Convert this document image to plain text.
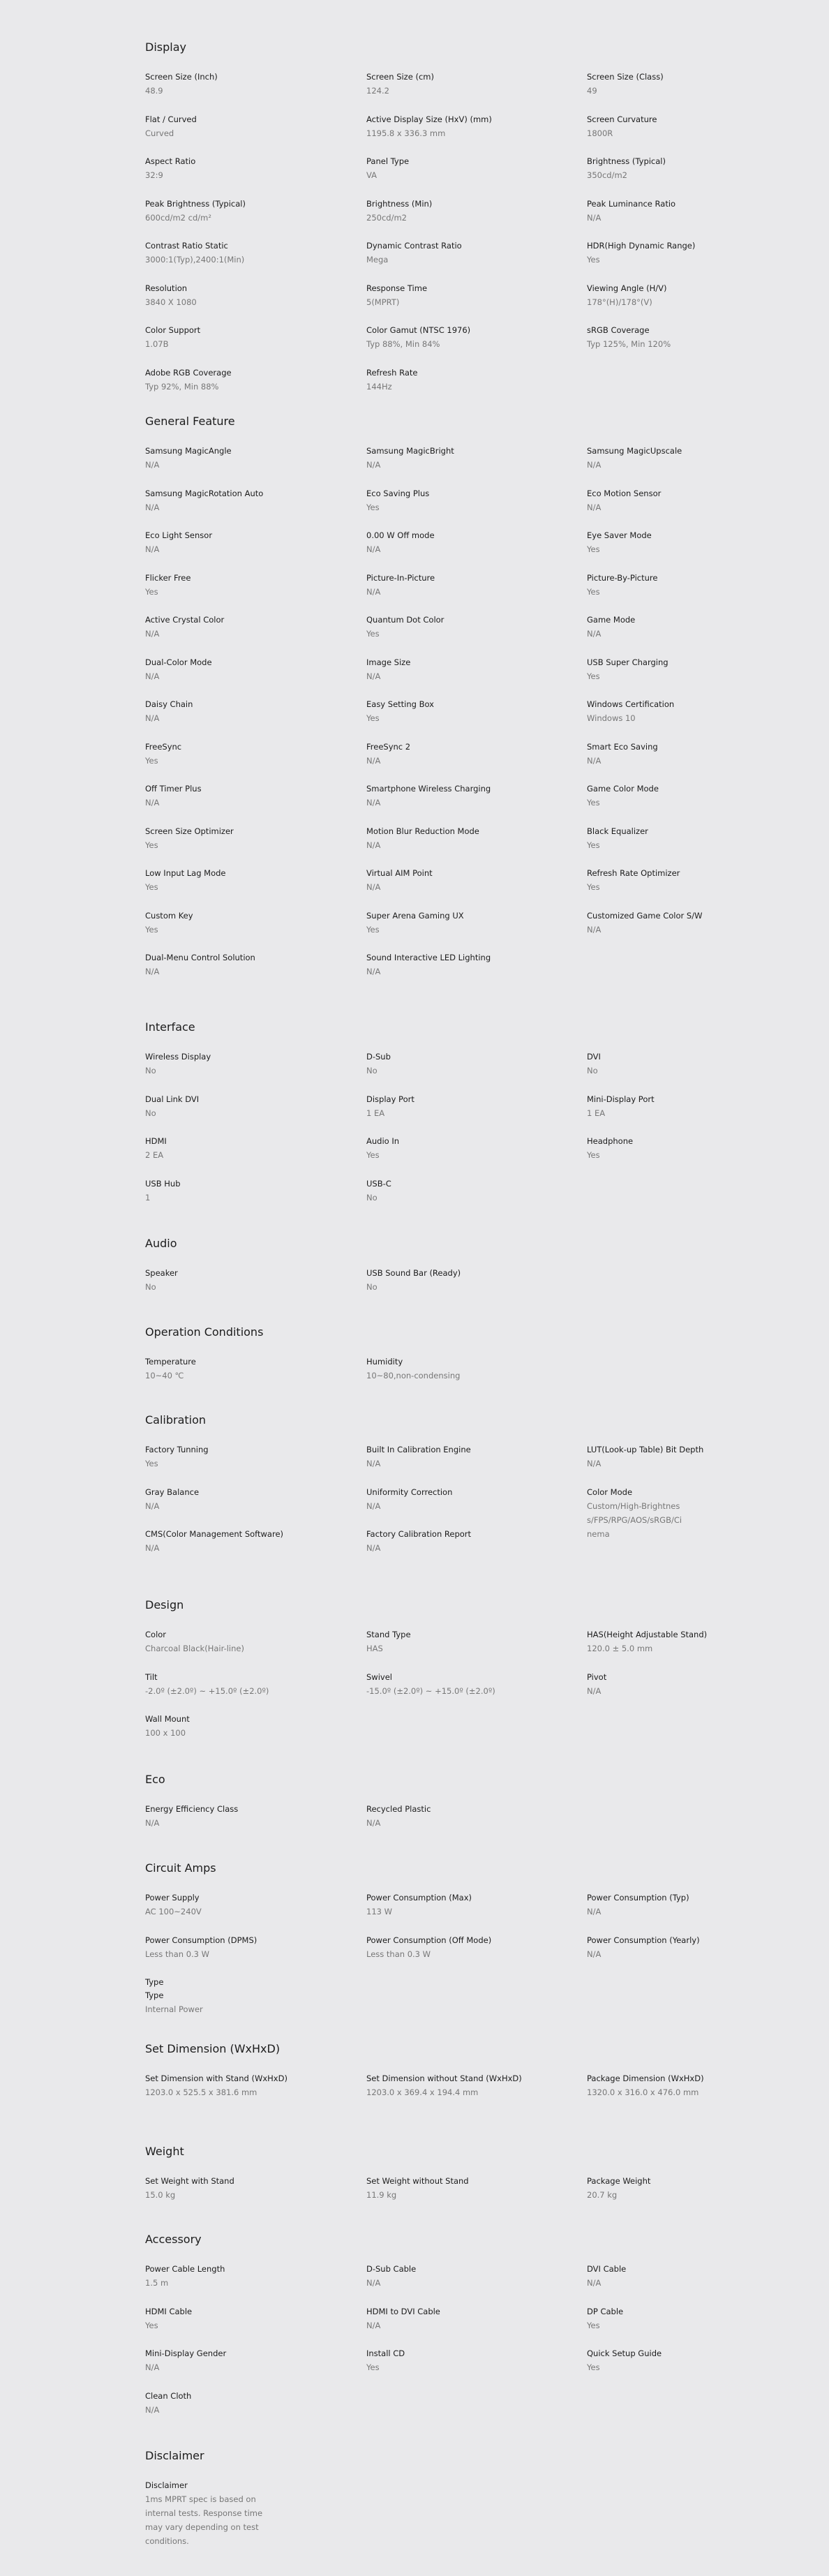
Display
Screen Size (Inch)
48.9
Screen Size (cm)
124.2
Screen Size (Class)
49
Flat / Curved
Curved
Active Display Size (HxV) (mm)
1195.8 x 336.3 mm
Screen Curvature
1800R
Aspect Ratio
32:9
Panel Type
VA
Brightness (Typical)
350cd/m2
Peak Brightness (Typical)
600cd/m2 cd/m²
Brightness (Min)
250cd/m2
Peak Luminance Ratio
N/A
Contrast Ratio Static
3000:1(Typ),2400:1(Min)
Dynamic Contrast Ratio
Mega
HDR(High Dynamic Range)
Yes
Resolution
3840 X 1080
Response Time
5(MPRT)
Viewing Angle (H/V)
178°(H)/178°(V)
Color Support
1.07B
Color Gamut (NTSC 1976)
Typ 88%, Min 84%
sRGB Coverage
Typ 125%, Min 120%
Adobe RGB Coverage
Typ 92%, Min 88%
Refresh Rate
144Hz
General Feature
Samsung MagicAngle
N/A
Samsung MagicBright
N/A
Samsung MagicUpscale
N/A
Samsung MagicRotation Auto
N/A
Eco Saving Plus
Yes
Eco Motion Sensor
N/A
Eco Light Sensor
N/A
0.00 W Off mode
N/A
Eye Saver Mode
Yes
Flicker Free
Yes
Picture-In-Picture
N/A
Picture-By-Picture
Yes
Active Crystal Color
N/A
Quantum Dot Color
Yes
Game Mode
N/A
Dual-Color Mode
N/A
Image Size
N/A
USB Super Charging
Yes
Daisy Chain
N/A
Easy Setting Box
Yes
Windows Certification
Windows 10
FreeSync
Yes
FreeSync 2
N/A
Smart Eco Saving
N/A
Off Timer Plus
N/A
Smartphone Wireless Charging
N/A
Game Color Mode
Yes
Screen Size Optimizer
Yes
Motion Blur Reduction Mode
N/A
Black Equalizer
Yes
Low Input Lag Mode
Yes
Virtual AIM Point
N/A
Refresh Rate Optimizer
Yes
Custom Key
Yes
Super Arena Gaming UX
Yes
Customized Game Color S/W
N/A
Dual-Menu Control Solution
N/A
Sound Interactive LED Lighting
N/A
Interface
Wireless Display
No
D-Sub
No
DVI
No
Dual Link DVI
No
Display Port
1 EA
Mini-Display Port
1 EA
HDMI
2 EA
Audio In
Yes
Headphone
Yes
USB Hub
1
USB-C
No
Audio
Speaker
No
USB Sound Bar (Ready)
No
Operation Conditions
Temperature
10~40 ℃
Humidity
10~80,non-condensing
Calibration
Factory Tunning
Yes
Built In Calibration Engine
N/A
LUT(Look-up Table) Bit Depth
N/A
Gray Balance
N/A
Uniformity Correction
N/A
Color Mode
Custom/High-Brightness/FPS/RPG/AOS/sRGB/Cinema
CMS(Color Management Software)
N/A
Factory Calibration Report
N/A
Design
Color
Charcoal Black(Hair-line)
Stand Type
HAS
HAS(Height Adjustable Stand)
120.0 ± 5.0 mm
Tilt
-2.0º (±2.0º) ~ +15.0º (±2.0º)
Swivel
-15.0º (±2.0º) ~ +15.0º (±2.0º)
Pivot
N/A
Wall Mount
100 x 100
Eco
Energy Efficiency Class
N/A
Recycled Plastic
N/A
Circuit Amps
Power Supply
AC 100~240V
Power Consumption (Max)
113 W
Power Consumption (Typ)
N/A
Power Consumption (DPMS)
Less than 0.3 W
Power Consumption (Off Mode)
Less than 0.3 W
Power Consumption (Yearly)
N/A
Type
Type
Internal Power
Set Dimension (WxHxD)
Set Dimension with Stand (WxHxD)
1203.0 x 525.5 x 381.6 mm
Set Dimension without Stand (WxHxD)
1203.0 x 369.4 x 194.4 mm
Package Dimension (WxHxD)
1320.0 x 316.0 x 476.0 mm
Weight
Set Weight with Stand
15.0 kg
Set Weight without Stand
11.9 kg
Package Weight
20.7 kg
Accessory
Power Cable Length
1.5 m
D-Sub Cable
N/A
DVI Cable
N/A
HDMI Cable
Yes
HDMI to DVI Cable
N/A
DP Cable
Yes
Mini-Display Gender
N/A
Install CD
Yes
Quick Setup Guide
Yes
Clean Cloth
N/A
Disclaimer
Disclaimer
1ms MPRT spec is based on internal tests. Response time may vary depending on test conditions.
